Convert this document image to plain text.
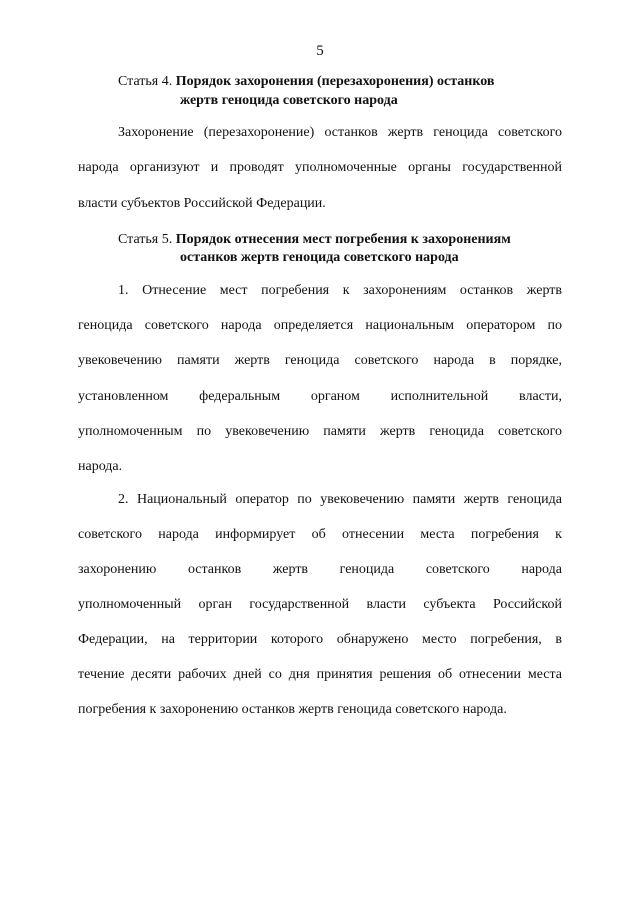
5
Статья 4. Порядок захоронения (перезахоронения) останков
жертв геноцида советского народа
Захоронение (перезахоронение) останков жертв геноцида советского
народа организуют и проводят уполномоченные органы государственной
власти субъектов Российской Федерации.
Статья 5. Порядок отнесения мест погребения к захоронениям
останков жертв геноцида советского народа
1. Отнесение мест погребения к захоронениям останков жертв
геноцида советского народа определяется национальным оператором по
увековечению памяти жертв геноцида советского народа в порядке,
установленном федеральным органом исполнительной власти,
уполномоченным по увековечению памяти жертв геноцида советского
народа.
2. Национальный оператор по увековечению памяти жертв геноцида
советского народа информирует об отнесении места погребения к
захоронению останков жертв геноцида советского народа
уполномоченный орган государственной власти субъекта Российской
Федерации, на территории которого обнаружено место погребения, в
течение десяти рабочих дней со дня принятия решения об отнесении места
погребения к захоронению останков жертв геноцида советского народа.
